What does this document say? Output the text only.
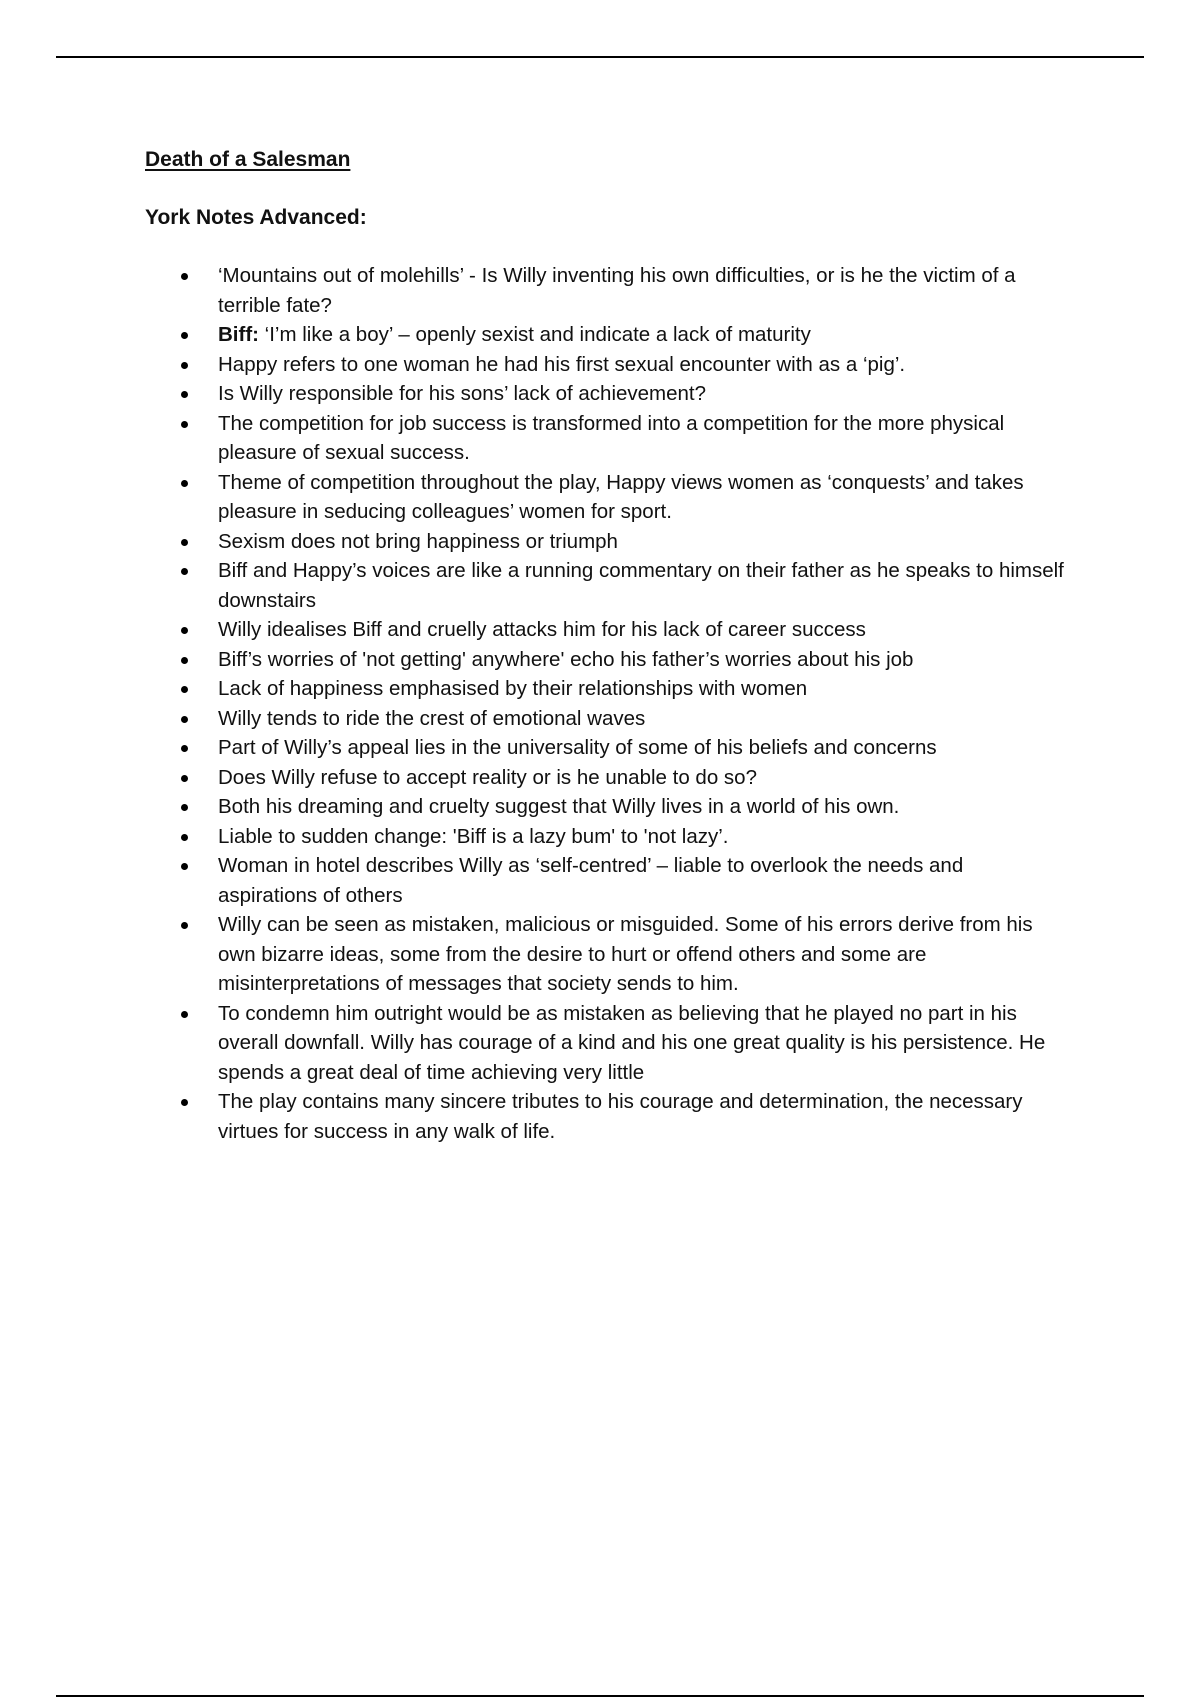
Death of a Salesman
York Notes Advanced:
‘Mountains out of molehills’ - Is Willy inventing his own difficulties, or is he the victim of a terrible fate?
Biff: ‘I’m like a boy’ – openly sexist and indicate a lack of maturity
Happy refers to one woman he had his first sexual encounter with as a ‘pig’.
Is Willy responsible for his sons’ lack of achievement?
The competition for job success is transformed into a competition for the more physical pleasure of sexual success.
Theme of competition throughout the play, Happy views women as ‘conquests’ and takes pleasure in seducing colleagues’ women for sport.
Sexism does not bring happiness or triumph
Biff and Happy’s voices are like a running commentary on their father as he speaks to himself downstairs
Willy idealises Biff and cruelly attacks him for his lack of career success
Biff’s worries of 'not getting' anywhere' echo his father’s worries about his job
Lack of happiness emphasised by their relationships with women
Willy tends to ride the crest of emotional waves
Part of Willy’s appeal lies in the universality of some of his beliefs and concerns
Does Willy refuse to accept reality or is he unable to do so?
Both his dreaming and cruelty suggest that Willy lives in a world of his own.
Liable to sudden change: 'Biff is a lazy bum' to 'not lazy’.
Woman in hotel describes Willy as ‘self-centred’ – liable to overlook the needs and aspirations of others
Willy can be seen as mistaken, malicious or misguided. Some of his errors derive from his own bizarre ideas, some from the desire to hurt or offend others and some are misinterpretations of messages that society sends to him.
To condemn him outright would be as mistaken as believing that he played no part in his overall downfall. Willy has courage of a kind and his one great quality is his persistence. He spends a great deal of time achieving very little
The play contains many sincere tributes to his courage and determination, the necessary virtues for success in any walk of life.
